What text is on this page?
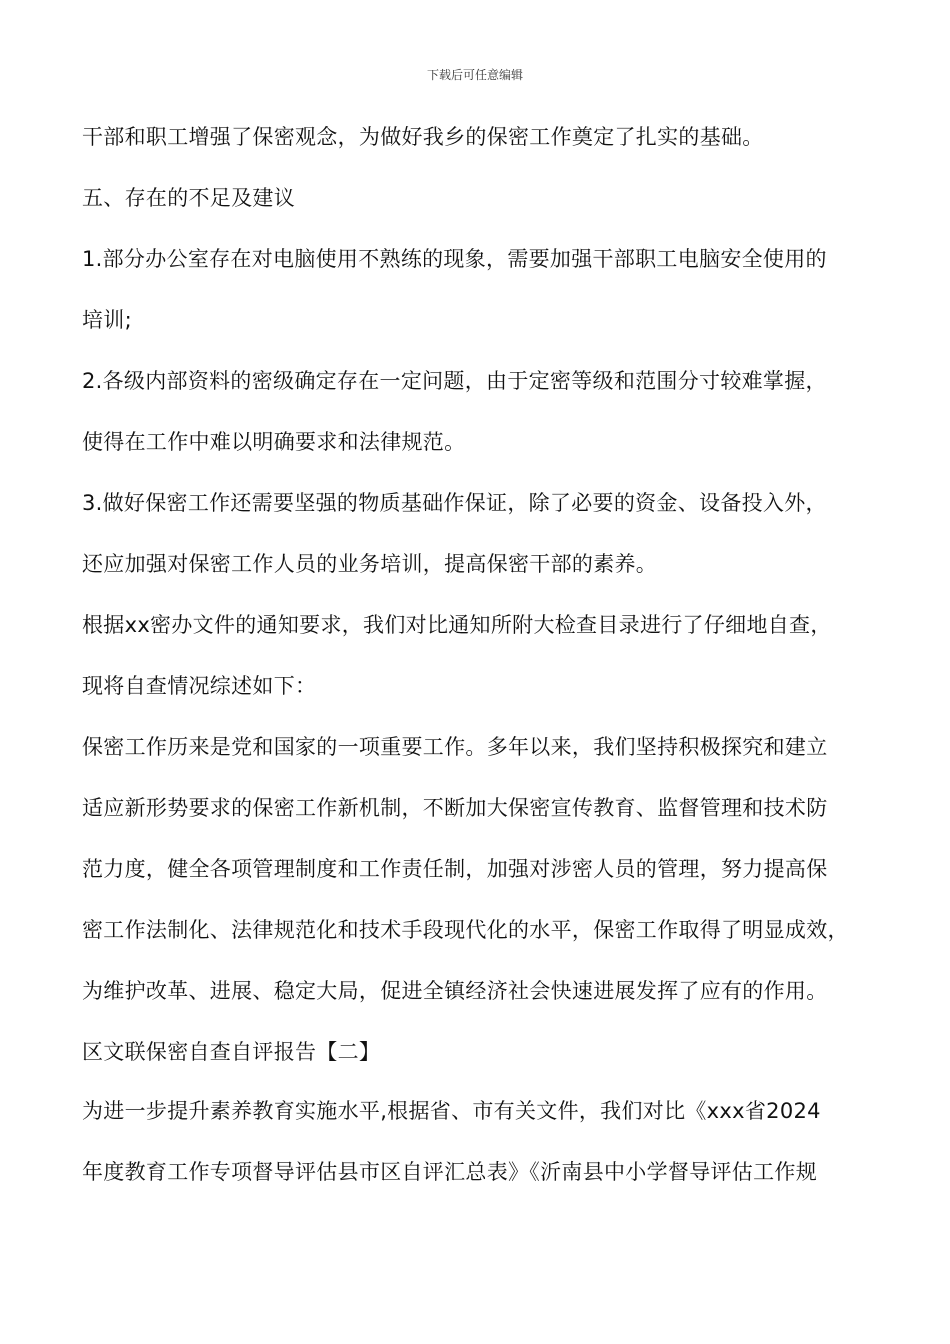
下载后可任意编辑
干部和职工增强了保密观念，为做好我乡的保密工作奠定了扎实的基础。
五、存在的不足及建议
1.部分办公室存在对电脑使用不熟练的现象，需要加强干部职工电脑安全使用的
培训;
2.各级内部资料的密级确定存在一定问题，由于定密等级和范围分寸较难掌握，
使得在工作中难以明确要求和法律规范。
3.做好保密工作还需要坚强的物质基础作保证，除了必要的资金、设备投入外，
还应加强对保密工作人员的业务培训，提高保密干部的素养。
根据xx密办文件的通知要求，我们对比通知所附大检查目录进行了仔细地自查，
现将自查情况综述如下：
保密工作历来是党和国家的一项重要工作。多年以来，我们坚持积极探究和建立
适应新形势要求的保密工作新机制，不断加大保密宣传教育、监督管理和技术防
范力度，健全各项管理制度和工作责任制，加强对涉密人员的管理，努力提高保
密工作法制化、法律规范化和技术手段现代化的水平，保密工作取得了明显成效，
为维护改革、进展、稳定大局，促进全镇经济社会快速进展发挥了应有的作用。
区文联保密自查自评报告【二】
为进一步提升素养教育实施水平,根据省、市有关文件，我们对比《xxx省2024
年度教育工作专项督导评估县市区自评汇总表》《沂南县中小学督导评估工作规
